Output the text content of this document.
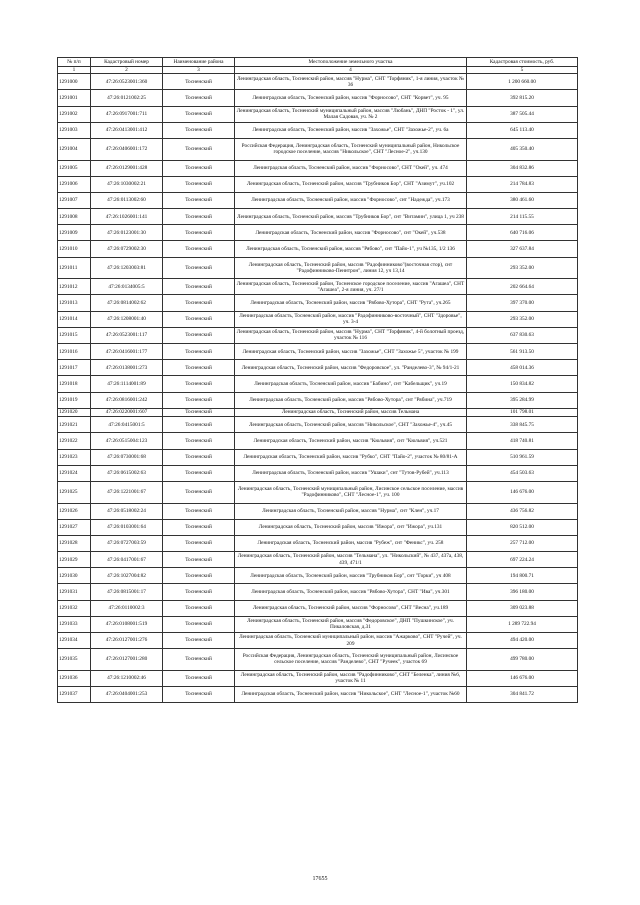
№ п/п	Кадастровый номер	Наименование района	Местоположение земельного участка	Кадастровая стоимость, руб.
1	2	3	4	5
1291000	47:26:0523001:360	Тосненский	Ленинградская область, Тосненский район, массив "Нурма", СНТ "Торфяник", 1-я линия, участок № 36	1 200 660.00
1291001	47:26:0121002:25	Тосненский	Ленинградская область, Тосненский район, массив "Форносово", СНТ "Корвет", уч. 95	392 815.20
1291002	47:26:0917001:711	Тосненский	Ленинградская область, Тосненский муниципальный район, массив "Любань", ДНП "Росток - 1", ул. Малая Садовая, уч. № 2	387 505.44
1291003	47:26:0413001:412	Тосненский	Ленинградская область, Тосненский район, массив "Захожье", СНТ "Захожье-2", уч. 6а	645 113.40
1291004	47:26:0406001:172	Тосненский	Российская Федерация, Ленинградская область, Тосненский муниципальный район, Никольское городское поселение, массив "Никольское", СНТ "Лесное-2", уч.130	405 350.40
1291005	47:26:0129001:428	Тосненский	Ленинградская область, Тосненский район, массив "Форносово", СНТ "Окей", уч. 474	304 832.86
1291006	47:26:1030002:21	Тосненский	Ленинградская область, Тосненский район, массив "Трубников Бор", СНТ "Азимут", уч.102	214 784.83
1291007	47:26:0113002:60	Тосненский	Ленинградская область, Тосненский район, массив "Форносово", снт "Надежда", уч.173	380 461.60
1291008	47:26:1026001:141	Тосненский	Ленинградская область, Тосненский район, массив "Трубников Бор", снт "Витамин", улица 1, уч 238	214 115.55
1291009	47:26:0123001:30	Тосненский	Ленинградская область, Тосненский район, массив "Форносово", снт "Окей", уч.538	640 716.06
1291010	47:26:0729002:30	Тосненский	Ленинградская область, Тосненский район, массив "Рябово", снт "Пайо-1", уч №135, 1/2 136	327 637.84
1291011	47:26:1203003:81	Тосненский	Ленинградская область, Тосненский район, массив "Радофинниково"(восточная стор), снт "Радофинниково-Пеннтрон", линия 12, уч 13,14	293 352.00
1291012	47:26:0134005:5	Тосненский	Ленинградская область, Тосненский район, Тосненское городское поселение, массив "Агашеа", СНТ "Агашеа", 2-я линия, уч. 27/1	202 664.64
1291013	47:26:0814002:62	Тосненский	Ленинградская область, Тосненский район, массив "Рябово-Хутора", СНТ "Рута", уч.265	397 370.00
1291014	47:26:1208001:40	Тосненский	Ленинградская область, Тосненский район, массив "Радофинниково-восточный", СНТ "Здоровье", уч. 3-4	293 352.00
1291015	47:26:0523001:117	Тосненский	Ленинградская область, Тосненский район, массив "Нурма", СНТ "Торфяник", 4-й болотный проезд, участок № 116	637 830.63
1291016	47:26:0416001:177	Тосненский	Ленинградская область, Тосненский район, массив "Захожье", СНТ "Захожье 5", участок № 199	561 913.50
1291017	47:26:0138001:273	Тосненский	Ленинградская область, Тосненский район, массив "Федоровское", ул. "Ранделево-3", № 94/1-21	458 014.36
1291018	47:26:1114001:89	Тосненский	Ленинградская область, Тосненский район, массив "Бабино", снт "Кабельщик", уч.19	150 834.82
1291019	47:26:0816001:242	Тосненский	Ленинградская область, Тосненский район, массив "Рябово-Хутора", снт "Рябина", уч.719	395 284.99
1291020	47:26:0220001:607	Тосненский	Ленинградская область, Тосненский район, массив Тельмана	101 798.01
1291021	47:26:0415001:5	Тосненский	Ленинградская область, Тосненский район, массив "Никольское", СНТ "Захожье-4", уч.45	338 845.75
1291022	47:26:0515004:123	Тосненский	Ленинградская область, Тосненский район, массив "Кюльвия", снт "Кюльвия", уч.521	418 740.81
1291023	47:26:0730001:68	Тосненский	Ленинградская область, Тосненский район, массив "Рубко", СНТ "Пайо-2", участок № 80/81-А	510 961.59
1291024	47:26:0615002:63	Тосненский	Ленинградская область, Тосненский район, массив "Ушаки", снт "Тутов-Рубей", уч.113	454 503.63
1291025	47:26:1221001:67	Тосненский	Ленинградская область, Тосненский муниципальный район, Лисинское сельское поселение, массив "Радофинниково", СНТ "Лесное-1", уч. 100	146 676.00
1291026	47:26:0518002:24	Тосненский	Ленинградская область, Тосненский район, массив "Нурма", снт "Клен", уч.17	436 756.82
1291027	47:26:0103001:64	Тосненский	Ленинградская область, Тосненский район, массив "Ижора", снт "Ижора", уч.131	820 512.00
1291028	47:26:0727003:59	Тосненский	Ленинградская область, Тосненский район, массив "Рубеж", снт "Феникс", уч. 258	257 712.00
1291029	47:26:0417001:67	Тосненский	Ленинградская область, Тосненский район, массив "Тельмана", ул. "Никольский", № 437, 437а, 438, 439, 471/1	697 224.24
1291030	47:26:1027004:82	Тосненский	Ленинградская область, Тосненский район, массив "Трубников Бор", снт "Горки", уч 408	194 800.71
1291031	47:26:0815001:17	Тосненский	Ленинградская область, Тосненский район, массив "Рябово-Хутора", СНТ "Ива", уч.301	396 180.00
1291032	47:26:0110002:3	Тосненский	Ленинградская область, Тосненский район, массив "Форносово", СНТ "Весна", уч.189	309 023.88
1291033	47:26:0108001:519	Тосненский	Ленинградская область, Тосненский район, массив "Федоровское", ДНП "Пушкинское", уч. Пикаловская, д.31	1 289 722.94
1291034	47:26:0127001:276	Тосненский	Ленинградская область, Тосненский муниципальный район, массив "Ажарково", СНТ "Ручей", уч. 209	494 420.00
1291035	47:26:0127001:280	Тосненский	Российская Федерация, Ленинградская область, Тосненский муниципальный район, Лисинское сельское поселение, массив "Ранделево", СНТ "Ручеек", участок 69	499 780.00
1291036	47:26:1210002:46	Тосненский	Ленинградская область, Тосненский район, массив "Радофинниково", СНТ "Беленка", линия №6, участок № 11	146 676.00
1291037	47:26:0404001:253	Тосненский	Ленинградская область, Тосненский район, массив "Никольское", СНТ "Лесное-1", участок №60	304 841.72
17655
